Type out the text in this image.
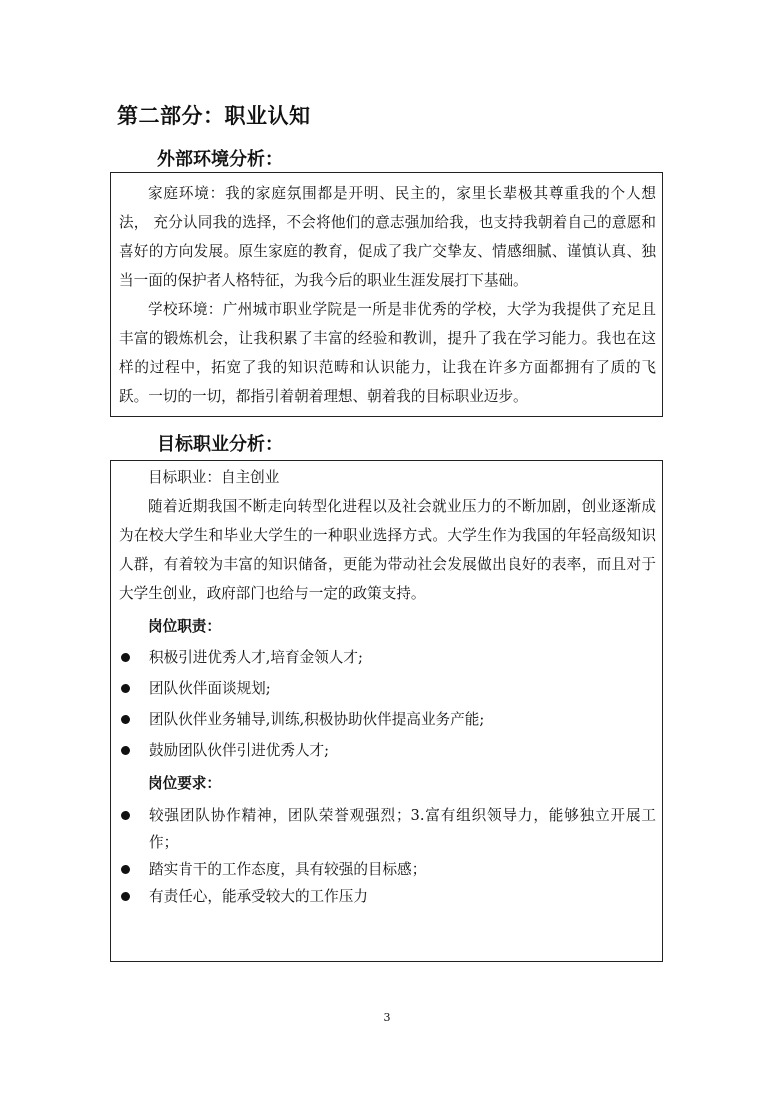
第二部分：职业认知
外部环境分析：

家庭环境：我的家庭氛围都是开明、民主的，家里长辈极其尊重我的个人想法， 充分认同我的选择，不会将他们的意志强加给我，也支持我朝着自己的意愿和喜好的方向发展。原生家庭的教育，促成了我广交挚友、情感细腻、谨慎认真、独当一面的保护者人格特征，为我今后的职业生涯发展打下基础。

学校环境：广州城市职业学院是一所是非优秀的学校，大学为我提供了充足且丰富的锻炼机会，让我积累了丰富的经验和教训，提升了我在学习能力。我也在这样的过程中，拓宽了我的知识范畴和认识能力，让我在许多方面都拥有了质的飞跃。一切的一切，都指引着朝着理想、朝着我的目标职业迈步。

目标职业分析：

目标职业：自主创业

随着近期我国不断走向转型化进程以及社会就业压力的不断加剧，创业逐渐成为在校大学生和毕业大学生的一种职业选择方式。大学生作为我国的年轻高级知识人群，有着较为丰富的知识储备，更能为带动社会发展做出良好的表率，而且对于大学生创业，政府部门也给与一定的政策支持。

岗位职责：

积极引进优秀人才,培育金领人才;
团队伙伴面谈规划;
团队伙伴业务辅导,训练,积极协助伙伴提高业务产能;
鼓励团队伙伴引进优秀人才;

岗位要求：

较强团队协作精神，团队荣誉观强烈；3.富有组织领导力，能够独立开展工作；
踏实肯干的工作态度，具有较强的目标感；
有责任心，能承受较大的工作压力
3
